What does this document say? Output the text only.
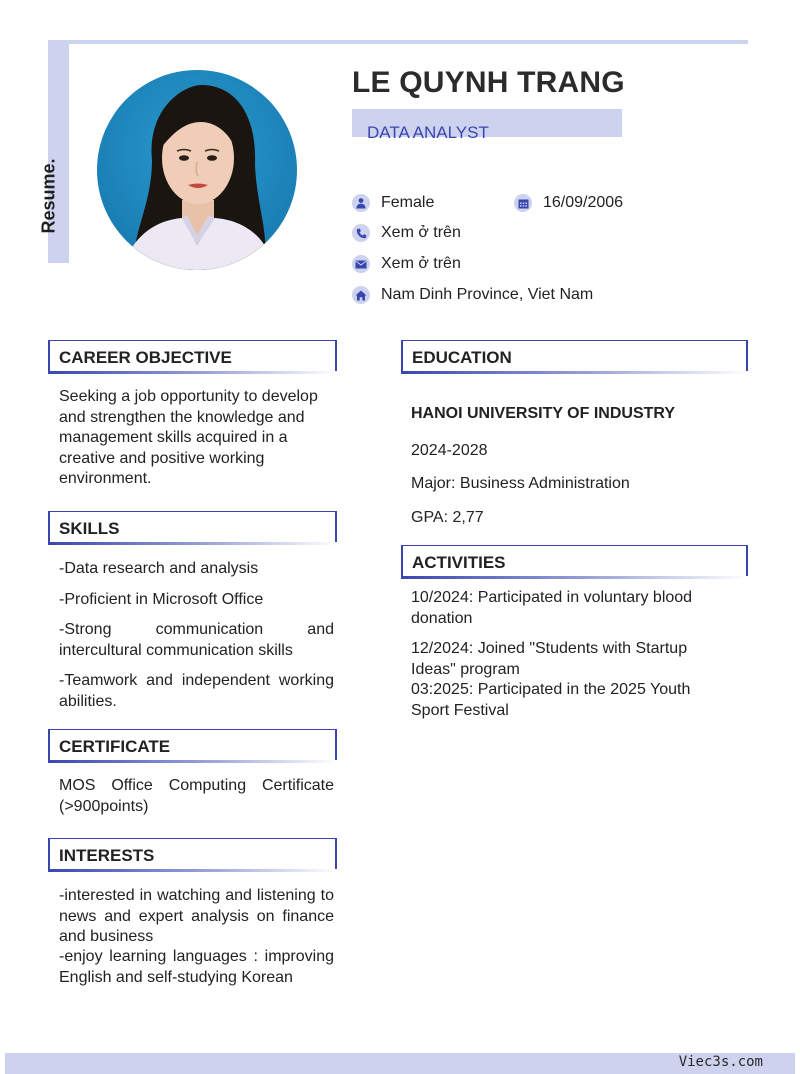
Resume.
LE QUYNH TRANG
DATA ANALYST
Female	16/09/2006
Xem ở trên
Xem ở trên
Nam Dinh Province, Viet Nam
CAREER OBJECTIVE
Seeking a job opportunity to develop and strengthen the knowledge and management skills acquired in a creative and positive working environment.
SKILLS
-Data research and analysis
-Proficient in Microsoft Office
-Strong communication and intercultural communication skills
-Teamwork and independent working abilities.
CERTIFICATE
MOS Office Computing Certificate (>900points)
INTERESTS
-interested in watching and listening to news and expert analysis on finance and business
-enjoy learning languages : improving English and self-studying Korean
EDUCATION
HANOI UNIVERSITY OF INDUSTRY
2024-2028
Major: Business Administration
GPA: 2,77
ACTIVITIES
10/2024: Participated in voluntary blood donation
12/2024: Joined "Students with Startup Ideas" program
03:2025: Participated in the 2025 Youth Sport Festival
Viec3s.com
